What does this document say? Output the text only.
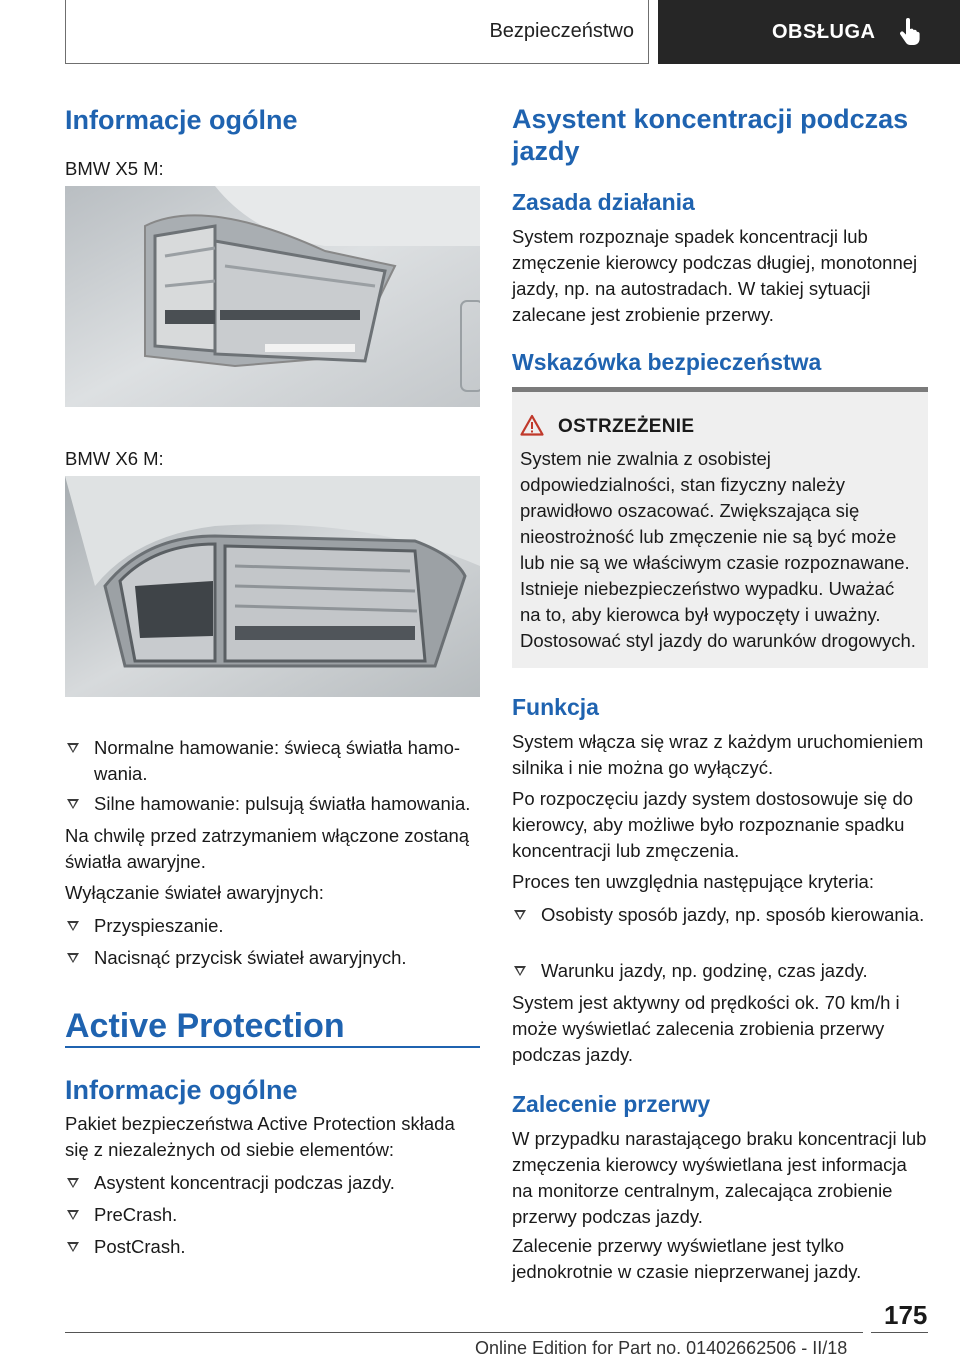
Bezpieczeństwo	OBSŁUGA
Informacje ogólne

BMW X5 M:

BMW X6 M:

Normalne hamowanie: świecą światła hamo-
wania.
Silne hamowanie: pulsują światła hamowania.

Na chwilę przed zatrzymaniem włączone zostaną światła awaryjne.

Wyłączanie świateł awaryjnych:

Przyspieszanie.
Nacisnąć przycisk świateł awaryjnych.
Active Protection
Informacje ogólne

Pakiet bezpieczeństwa Active Protection składa się z niezależnych od siebie elementów:

Asystent koncentracji podczas jazdy.
PreCrash.
PostCrash.
Asystent koncentracji podczas jazdy
Zasada działania

System rozpoznaje spadek koncentracji lub zmęczenie kierowcy podczas długiej, monotonnej jazdy, np. na autostradach. W takiej sytuacji zalecane jest zrobienie przerwy.

Wskazówka bezpieczeństwa
OSTRZEŻENIE

System nie zwalnia z osobistej odpowiedzialności, stan fizyczny należy prawidłowo oszacować. Zwiększająca się nieostrożność lub zmęczenie nie są być może lub nie są we właściwym czasie rozpoznawane. Istnieje niebezpieczeństwo wypadku. Uważać na to, aby kierowca był wypoczęty i uważny. Dostosować styl jazdy do warunków drogowych.

Funkcja

System włącza się wraz z każdym uruchomieniem silnika i nie można go wyłączyć.

Po rozpoczęciu jazdy system dostosowuje się do kierowcy, aby możliwe było rozpoznanie spadku koncentracji lub zmęczenia.

Proces ten uwzględnia następujące kryteria:

Osobisty sposób jazdy, np. sposób kierowania.
Warunku jazdy, np. godzinę, czas jazdy.

System jest aktywny od prędkości ok. 70 km/h i może wyświetlać zalecenia zrobienia przerwy podczas jazdy.

Zalecenie przerwy

W przypadku narastającego braku koncentracji lub zmęczenia kierowcy wyświetlana jest informacja na monitorze centralnym, zalecająca zrobienie przerwy podczas jazdy.

Zalecenie przerwy wyświetlane jest tylko jednokrotnie w czasie nieprzerwanej jazdy.

175
Online Edition for Part no. 01402662506 - II/18
